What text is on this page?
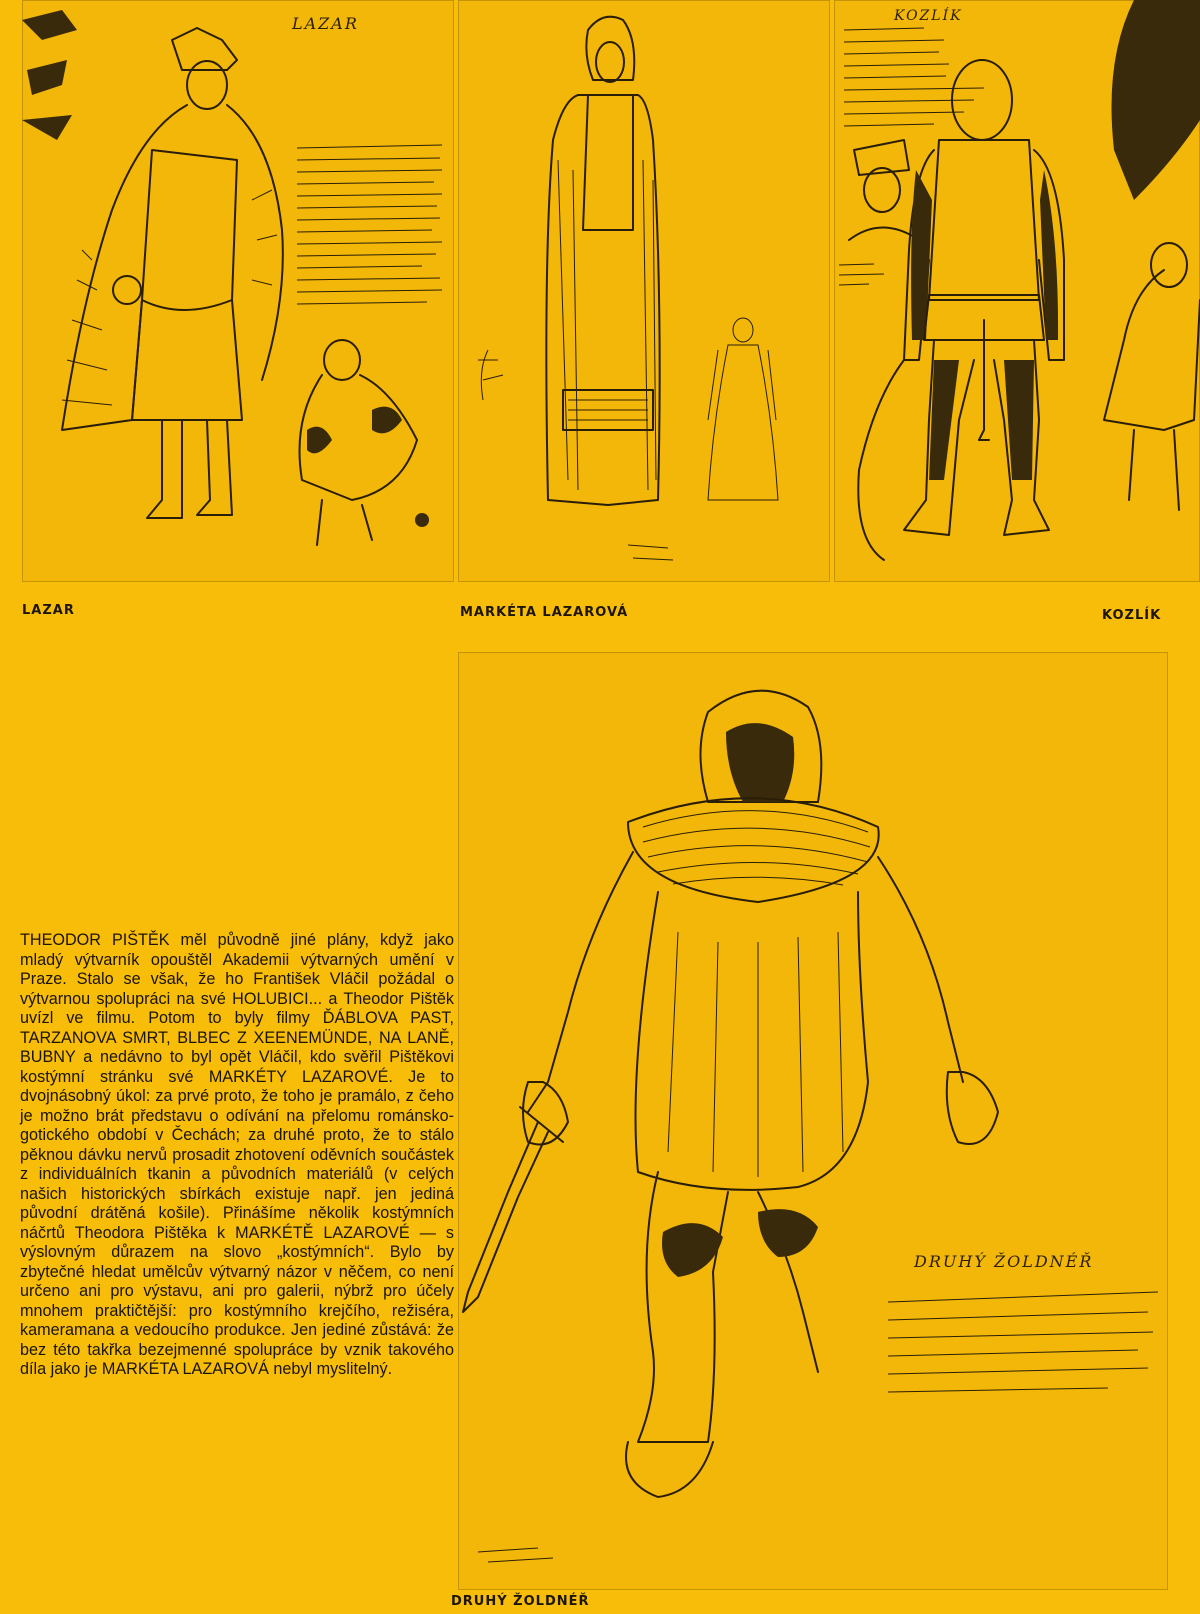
LAZAR	KOZLÍK
LAZAR	MARKÉTA LAZAROVÁ	KOZLÍK
DRUHÝ ŽOLDNÉŘ
THEODOR PIŠTĚK měl původně jiné plány, když jako mladý výtvarník opouštěl Akademii výtvarných umění v Praze. Stalo se však, že ho František Vláčil požádal o výtvarnou spolupráci na své HOLUBICI... a Theodor Pištěk uvízl ve filmu. Potom to byly filmy ĎÁBLOVA PAST, TARZANOVA SMRT, BLBEC Z XEENEMÜNDE, NA LANĚ, BUBNY a nedávno to byl opět Vláčil, kdo svěřil Pištěkovi kostýmní stránku své MARKÉTY LAZAROVÉ. Je to dvojnásobný úkol: za prvé proto, že toho je pramálo, z čeho je možno brát představu o odívání na přelomu románsko-gotického období v Čechách; za druhé proto, že to stálo pěknou dávku nervů prosadit zhotovení oděvních součástek z individuálních tkanin a původních materiálů (v celých našich historických sbírkách existuje např. jen jediná původní drátěná košile). Přinášíme několik kostýmních náčrtů Theodora Pištěka k MARKÉTĚ LAZAROVÉ — s výslovným důrazem na slovo „kostýmních“. Bylo by zbytečné hledat umělcův výtvarný názor v něčem, co není určeno ani pro výstavu, ani pro galerii, nýbrž pro účely mnohem praktičtější: pro kostýmního krejčího, režiséra, kameramana a vedoucího produkce. Jen jediné zůstává: že bez této takřka bezejmenné spolupráce by vznik takového díla jako je MARKÉTA LAZAROVÁ nebyl myslitelný.
DRUHÝ ŽOLDNÉŘ
